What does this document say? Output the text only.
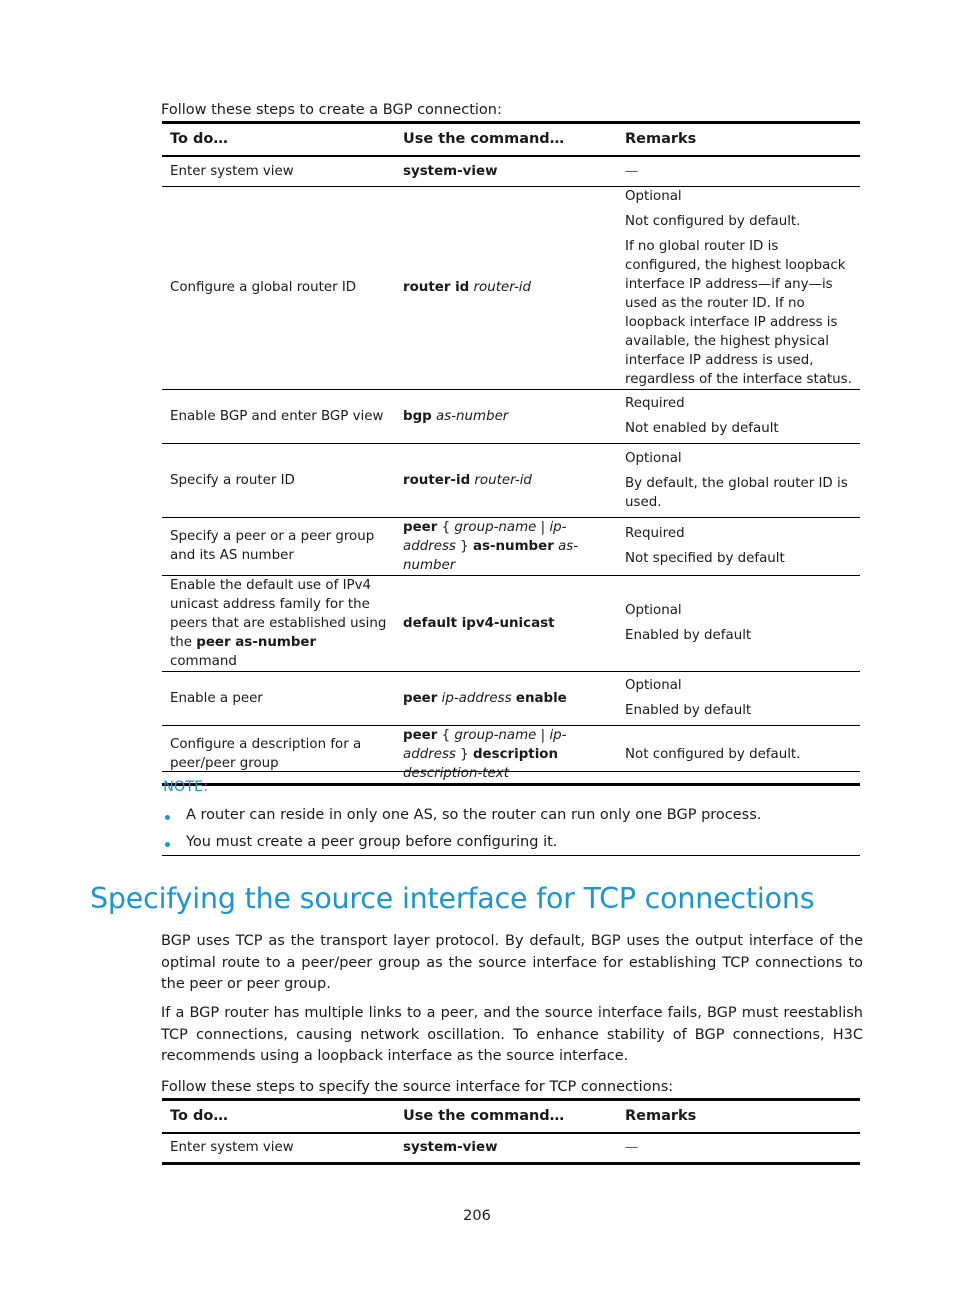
Follow these steps to create a BGP connection:
To do…	Use the command…	Remarks
Enter system view	system-view	—

Configure a global router ID	router id router-id	Optional

Not configured by default.

If no global router ID is configured, the highest loopback interface IP address—if any—is used as the router ID. If no loopback interface IP address is available, the highest physical interface IP address is used, regardless of the interface status.

Enable BGP and enter BGP view	bgp as-number	Required

Not enabled by default

Specify a router ID	router-id router-id	Optional

By default, the global router ID is used.

Specify a peer or a peer group and its AS number	peer { group-name | ip-address } as-number as-number	Required

Not specified by default

Enable the default use of IPv4 unicast address family for the peers that are established using the peer as-number command	default ipv4-unicast	Optional

Enabled by default

Enable a peer	peer ip-address enable	Optional

Enabled by default

Configure a description for a peer/peer group	peer { group-name | ip-address } description description-text	Not configured by default.

NOTE:
A router can reside in only one AS, so the router can run only one BGP process.
You must create a peer group before configuring it.
Specifying the source interface for TCP connections

BGP uses TCP as the transport layer protocol. By default, BGP uses the output interface of the optimal route to a peer/peer group as the source interface for establishing TCP connections to the peer or peer group.

If a BGP router has multiple links to a peer, and the source interface fails, BGP must reestablish TCP connections, causing network oscillation. To enhance stability of BGP connections, H3C recommends using a loopback interface as the source interface.

Follow these steps to specify the source interface for TCP connections:
To do…	Use the command…	Remarks
Enter system view	system-view	—

206
